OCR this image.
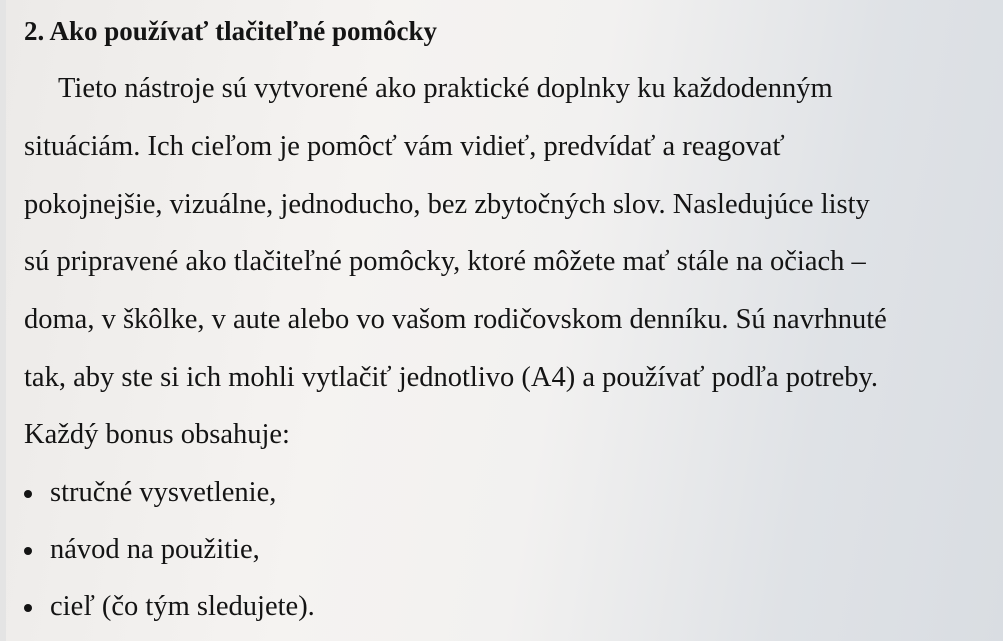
2. Ako používať tlačiteľné pomôcky
Tieto nástroje sú vytvorené ako praktické doplnky ku každodenným
situáciám. Ich cieľom je pomôcť vám vidieť, predvídať a reagovať
pokojnejšie, vizuálne, jednoducho, bez zbytočných slov. Nasledujúce listy
sú pripravené ako tlačiteľné pomôcky, ktoré môžete mať stále na očiach –
doma, v škôlke, v aute alebo vo vašom rodičovskom denníku. Sú navrhnuté
tak, aby ste si ich mohli vytlačiť jednotlivo (A4) a používať podľa potreby.
Každý bonus obsahuje:
stručné vysvetlenie,
návod na použitie,
cieľ (čo tým sledujete).
